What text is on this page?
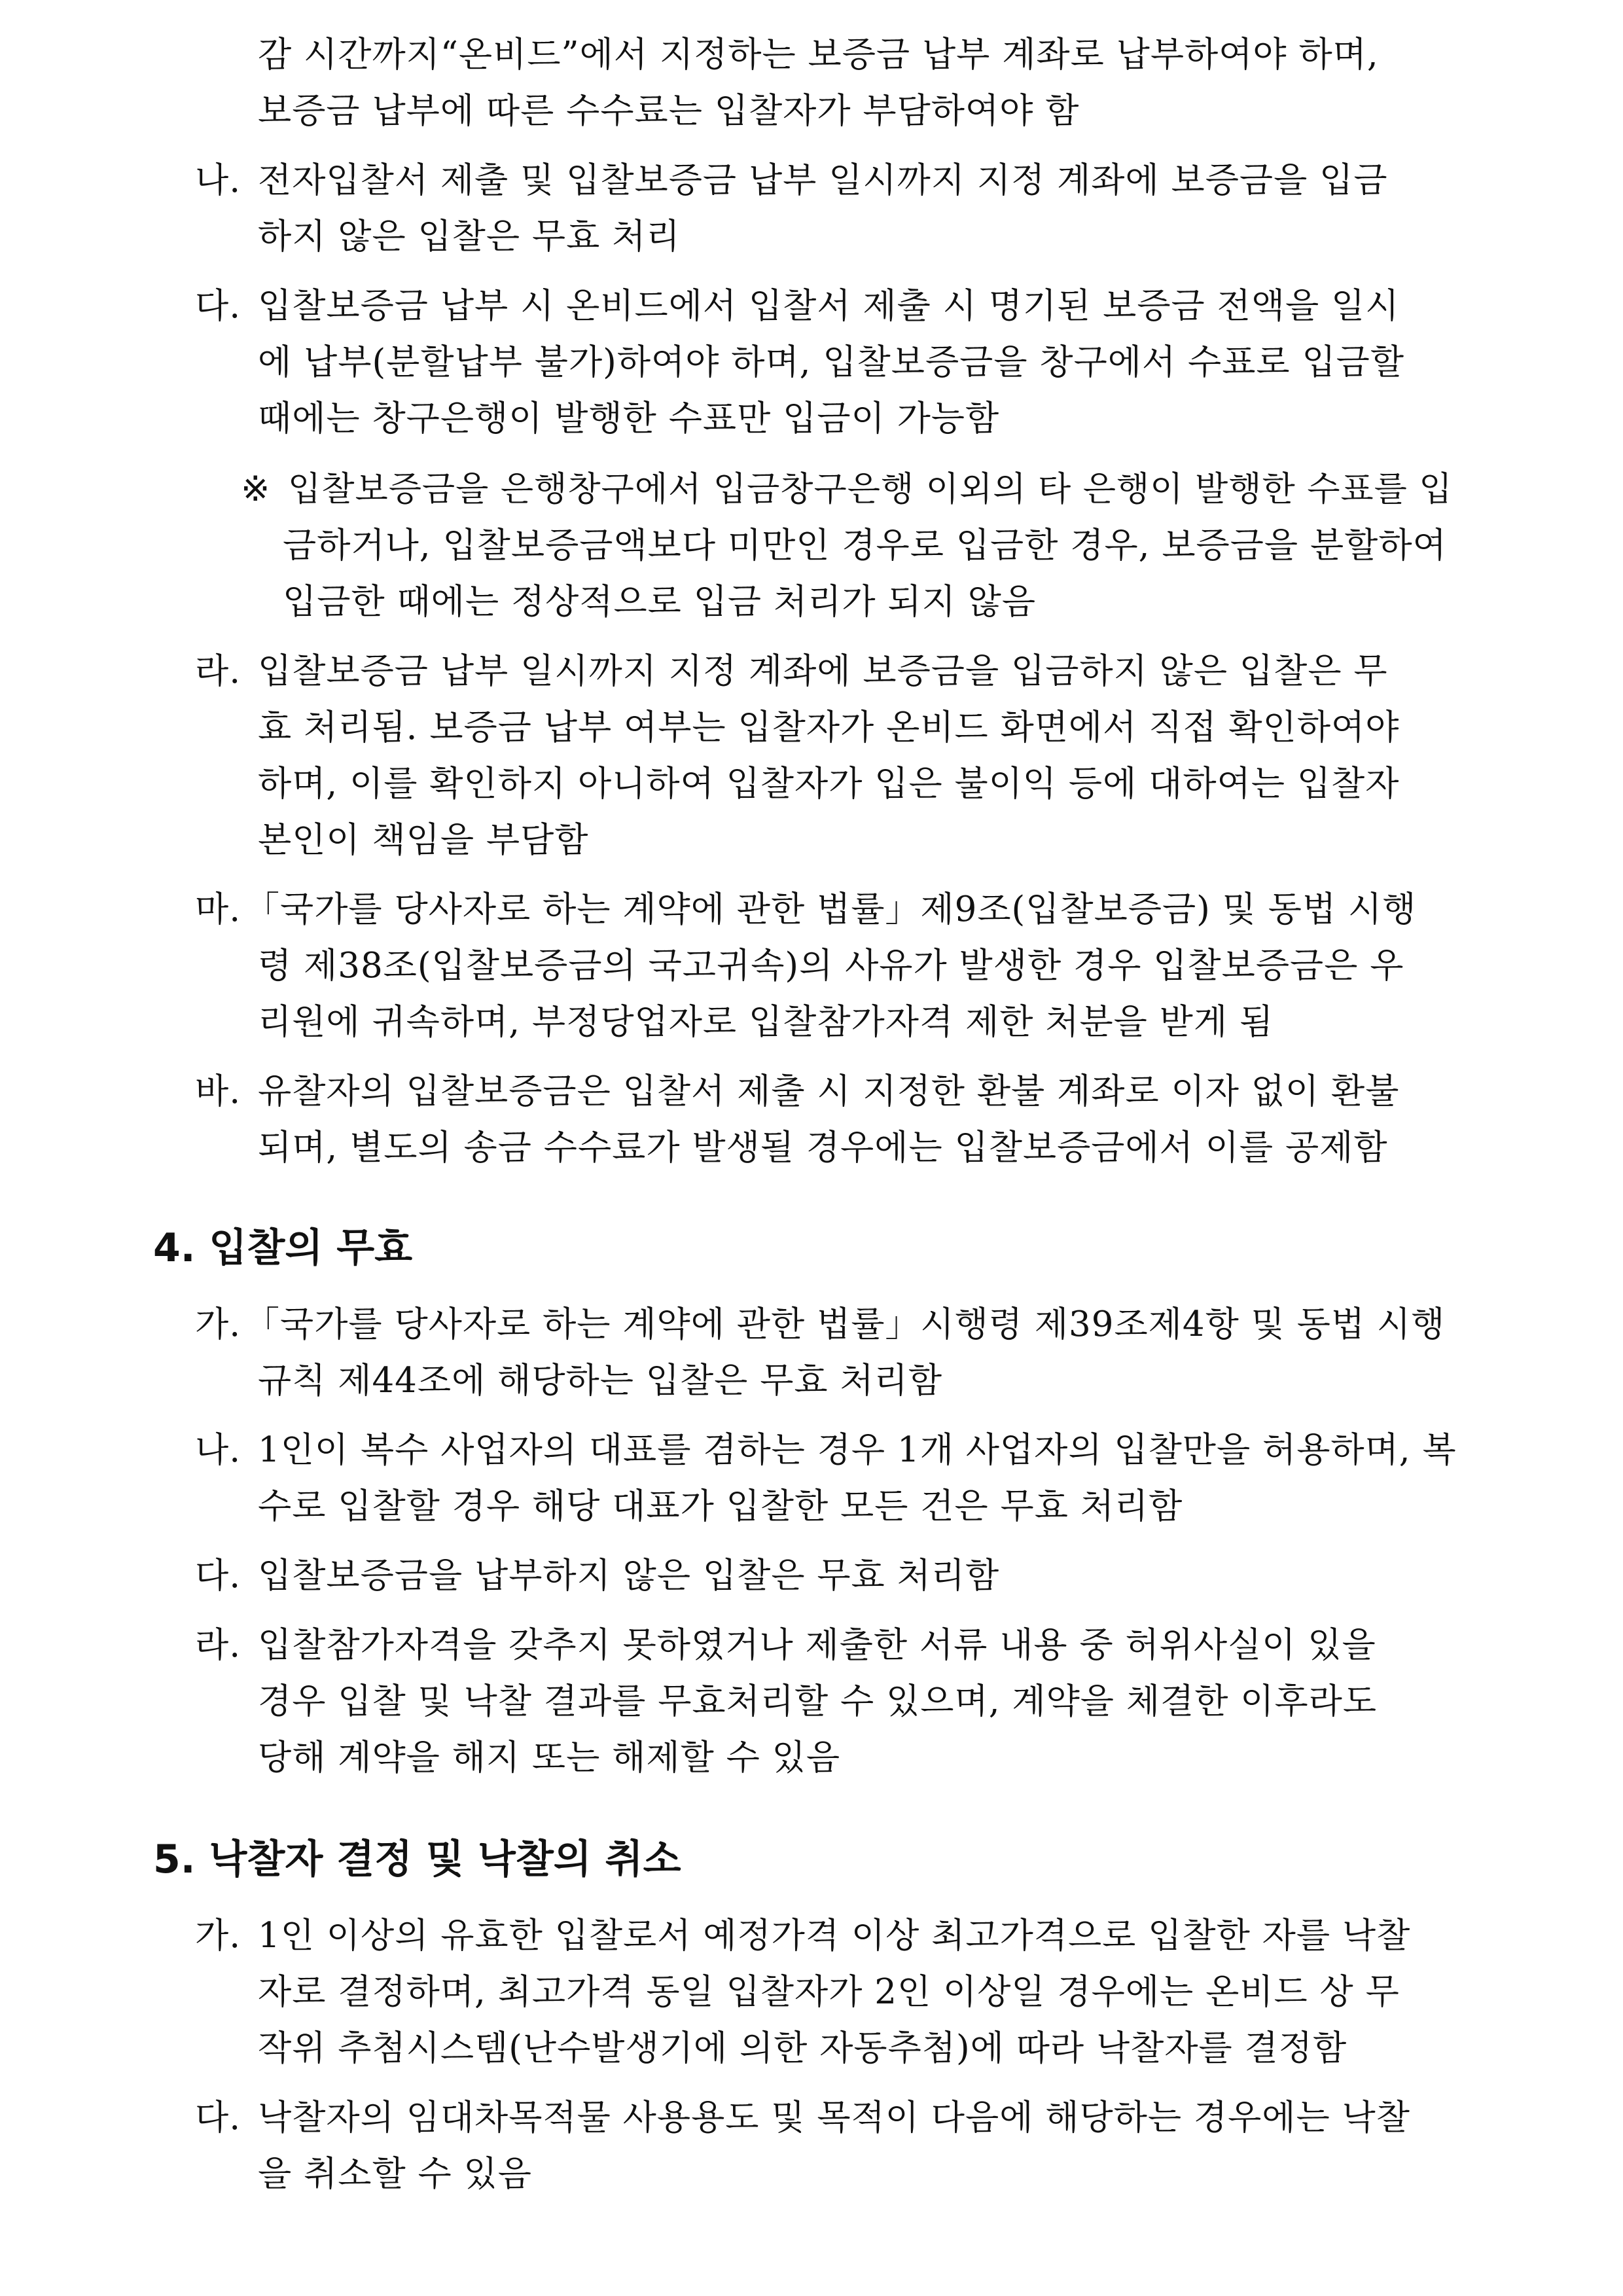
감 시간까지“온비드”에서 지정하는 보증금 납부 계좌로 납부하여야 하며,
보증금 납부에 따른 수수료는 입찰자가 부담하여야 함
나. 전자입찰서 제출 및 입찰보증금 납부 일시까지 지정 계좌에 보증금을 입금
하지 않은 입찰은 무효 처리
다. 입찰보증금 납부 시 온비드에서 입찰서 제출 시 명기된 보증금 전액을 일시
에 납부(분할납부 불가)하여야 하며, 입찰보증금을 창구에서 수표로 입금할
때에는 창구은행이 발행한 수표만 입금이 가능함
※ 입찰보증금을 은행창구에서 입금창구은행 이외의 타 은행이 발행한 수표를 입
금하거나, 입찰보증금액보다 미만인 경우로 입금한 경우, 보증금을 분할하여
입금한 때에는 정상적으로 입금 처리가 되지 않음
라. 입찰보증금 납부 일시까지 지정 계좌에 보증금을 입금하지 않은 입찰은 무
효 처리됨. 보증금 납부 여부는 입찰자가 온비드 화면에서 직접 확인하여야
하며, 이를 확인하지 아니하여 입찰자가 입은 불이익 등에 대하여는 입찰자
본인이 책임을 부담함
마. 「국가를 당사자로 하는 계약에 관한 법률」제9조(입찰보증금) 및 동법 시행
령 제38조(입찰보증금의 국고귀속)의 사유가 발생한 경우 입찰보증금은 우
리원에 귀속하며, 부정당업자로 입찰참가자격 제한 처분을 받게 됨
바. 유찰자의 입찰보증금은 입찰서 제출 시 지정한 환불 계좌로 이자 없이 환불
되며, 별도의 송금 수수료가 발생될 경우에는 입찰보증금에서 이를 공제함
4. 입찰의 무효
가. 「국가를 당사자로 하는 계약에 관한 법률」시행령 제39조제4항 및 동법 시행
규칙 제44조에 해당하는 입찰은 무효 처리함
나. 1인이 복수 사업자의 대표를 겸하는 경우 1개 사업자의 입찰만을 허용하며, 복
수로 입찰할 경우 해당 대표가 입찰한 모든 건은 무효 처리함
다. 입찰보증금을 납부하지 않은 입찰은 무효 처리함
라. 입찰참가자격을 갖추지 못하였거나 제출한 서류 내용 중 허위사실이 있을
경우 입찰 및 낙찰 결과를 무효처리할 수 있으며, 계약을 체결한 이후라도
당해 계약을 해지 또는 해제할 수 있음
5. 낙찰자 결정 및 낙찰의 취소
가. 1인 이상의 유효한 입찰로서 예정가격 이상 최고가격으로 입찰한 자를 낙찰
자로 결정하며, 최고가격 동일 입찰자가 2인 이상일 경우에는 온비드 상 무
작위 추첨시스템(난수발생기에 의한 자동추첨)에 따라 낙찰자를 결정함
다. 낙찰자의 임대차목적물 사용용도 및 목적이 다음에 해당하는 경우에는 낙찰
을 취소할 수 있음
